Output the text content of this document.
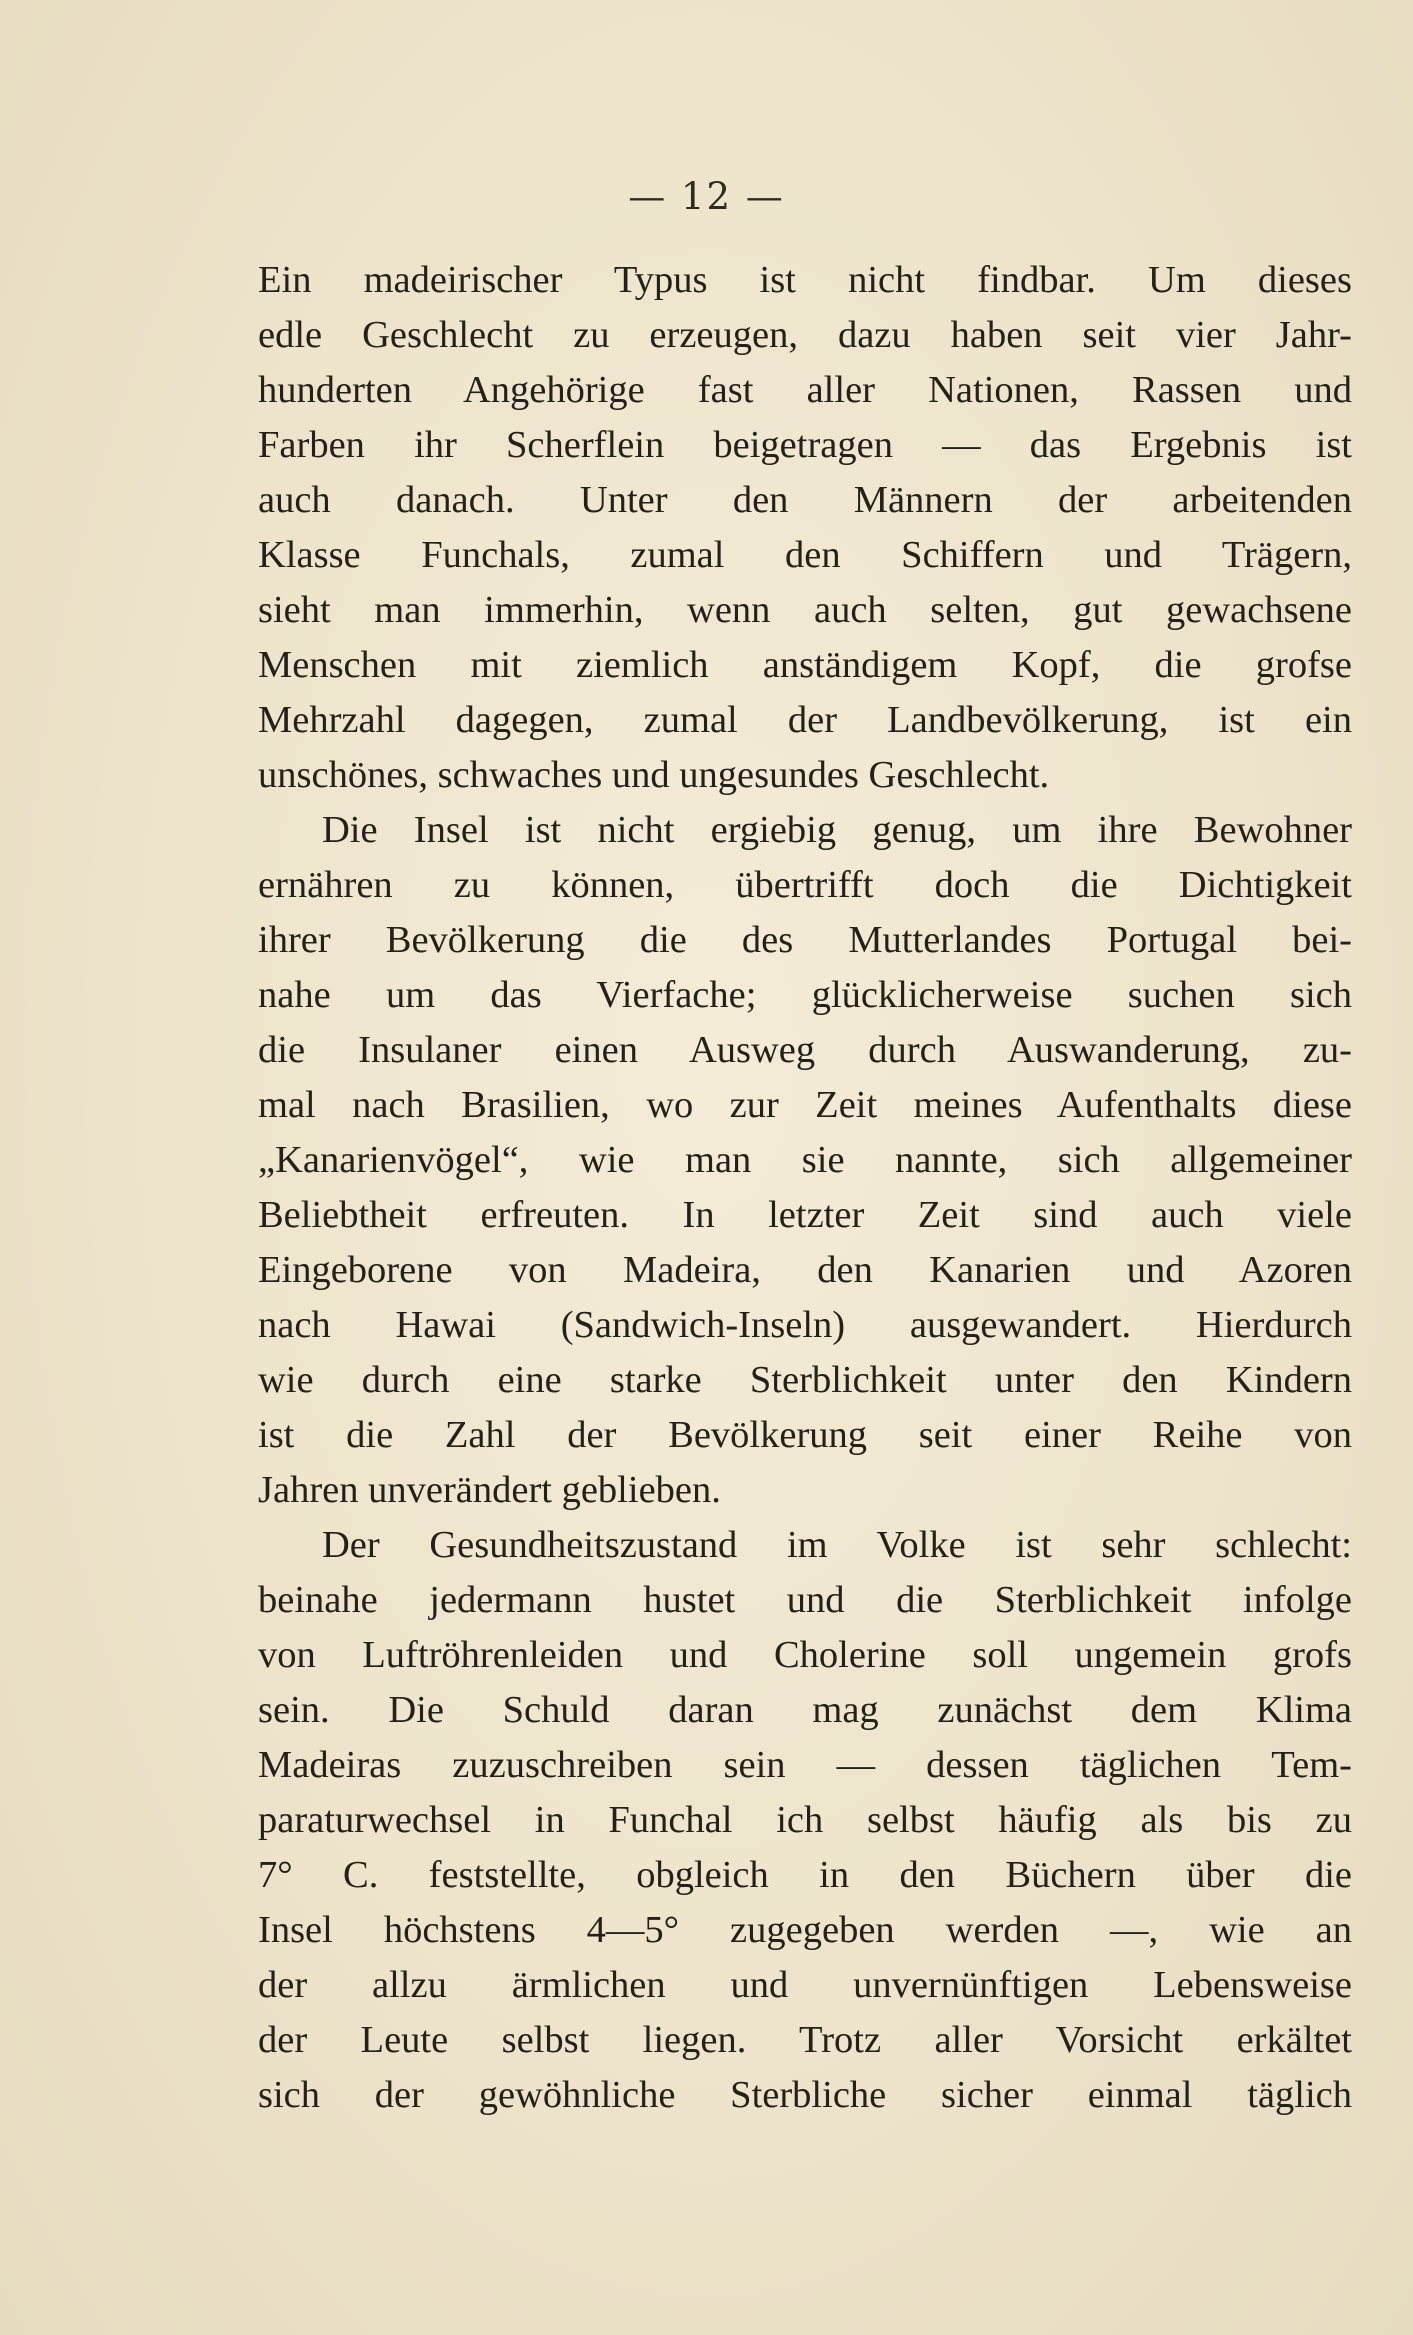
— 12 —
Ein madeirischer Typus ist nicht findbar. Um dieses
edle Geschlecht zu erzeugen, dazu haben seit vier Jahr-
hunderten Angehörige fast aller Nationen, Rassen und
Farben ihr Scherflein beigetragen — das Ergebnis ist
auch danach. Unter den Männern der arbeitenden
Klasse Funchals, zumal den Schiffern und Trägern,
sieht man immerhin, wenn auch selten, gut gewachsene
Menschen mit ziemlich anständigem Kopf, die grofse
Mehrzahl dagegen, zumal der Landbevölkerung, ist ein
unschönes, schwaches und ungesundes Geschlecht.
Die Insel ist nicht ergiebig genug, um ihre Bewohner
ernähren zu können, übertrifft doch die Dichtigkeit
ihrer Bevölkerung die des Mutterlandes Portugal bei-
nahe um das Vierfache; glücklicherweise suchen sich
die Insulaner einen Ausweg durch Auswanderung, zu-
mal nach Brasilien, wo zur Zeit meines Aufenthalts diese
„Kanarienvögel“, wie man sie nannte, sich allgemeiner
Beliebtheit erfreuten. In letzter Zeit sind auch viele
Eingeborene von Madeira, den Kanarien und Azoren
nach Hawai (Sandwich-Inseln) ausgewandert. Hierdurch
wie durch eine starke Sterblichkeit unter den Kindern
ist die Zahl der Bevölkerung seit einer Reihe von
Jahren unverändert geblieben.
Der Gesundheitszustand im Volke ist sehr schlecht:
beinahe jedermann hustet und die Sterblichkeit infolge
von Luftröhrenleiden und Cholerine soll ungemein grofs
sein. Die Schuld daran mag zunächst dem Klima
Madeiras zuzuschreiben sein — dessen täglichen Tem-
paraturwechsel in Funchal ich selbst häufig als bis zu
7° C. feststellte, obgleich in den Büchern über die
Insel höchstens 4—5° zugegeben werden —, wie an
der allzu ärmlichen und unvernünftigen Lebensweise
der Leute selbst liegen. Trotz aller Vorsicht erkältet
sich der gewöhnliche Sterbliche sicher einmal täglich
